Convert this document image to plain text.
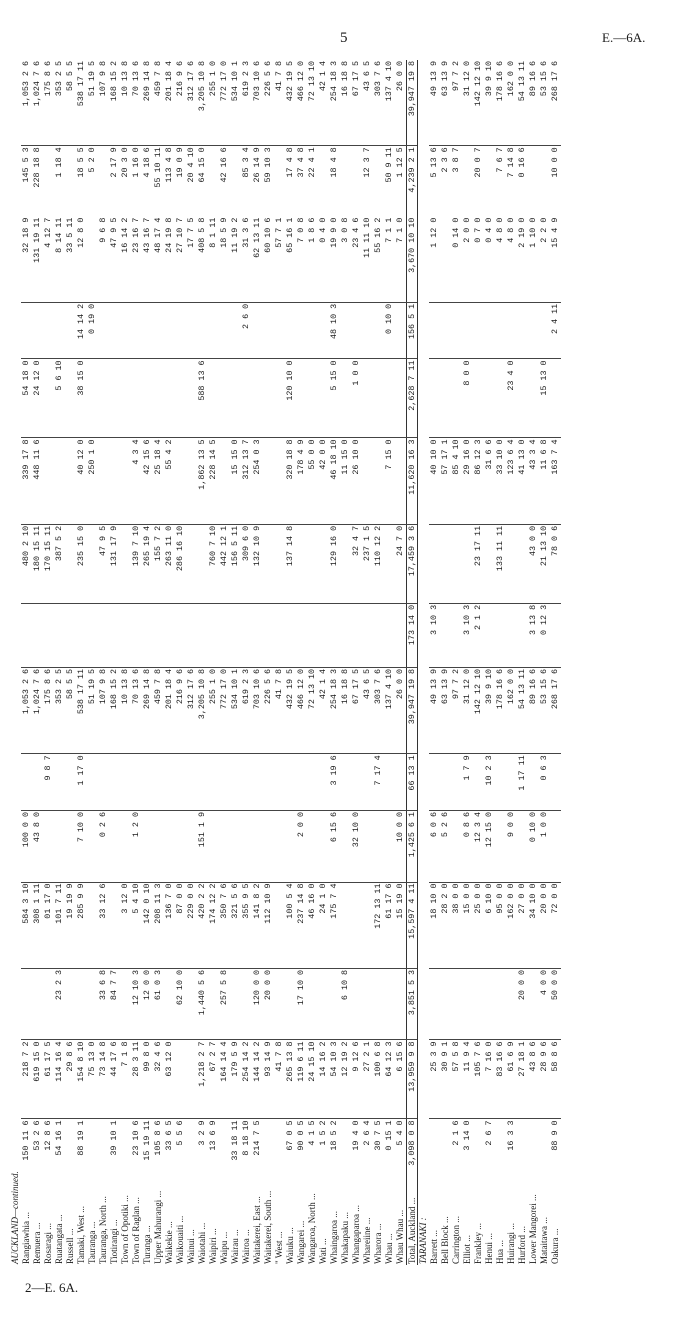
5	E.—6A.
AUCKLAND—continued.															
Rangiawhia ...	150 11 6	218 7 2		584 3 10	100 0 0		1,053 2 6		480 2 10	339 17 8	54 18 0		32 18 9	145 5 3	1,053 2 6
Remuera ...	53 2 6	619 15 0		308 1 11	43 8 0		1,024 7 6		180 15 11	448 11 6	24 12 0		131 19 11	228 18 8	1,024 7 6
Rosaragi ...	12 8 6	61 17 5		01 17 0		9 8 7	175 8 6		170 15 11				4 12 7		175 8 6
Ruatangata ...	54 16 1	114 16 4	23 2 3	101 7 11			353 2 5		387 5 2		5 6 10		8 14 11	1 18 4	353 2 5
Russell ...		29 8 6		19 19 9			58 5 5						33 5 11		58 5 5
Tamaki, West ...	88 19 1	154 8 10		285 9 9	7 10 0	1 17 0	538 17 11		235 15 0	40 12 0	38 15 0	14 14 2	12 8 0	18 5 5	538 17 11
Tauranga ...		75 13 0					51 19 5			250 1 0		0 19 0		5 2 0	51 19 5
Tauranga, North ...		73 14 8	33 6 8	33 12 6	0 2 6		107 9 8		47 9 5				9 6 8		107 9 8
Tiotirangi ...	39 10 1	44 17 6	84 7 7				168 15 2		131 17 9				47 9 5	2 17 9	168 15 2
Town of Opotiki ...		7 1 8		3 12 0			10 13 8						16 14 2	20 3 0	10 13 8
Town of Raglan ...	23 10 6	28 3 11	12 10 3	5 4 10	1 2 0		70 13 6		139 7 10	4 3 4			23 16 7	1 16 0	70 13 6
Turanga ...	15 19 11	99 8 0	12 0 0	142 0 10			269 14 8		265 19 4	42 15 6			43 16 7	4 18 6	269 14 8
Upper Mahurangi ...	105 8 6	32 4 6	61 0 3	208 11 3			459 7 8		155 7 2	25 18 4			48 17 4	55 10 11	459 7 8
Waikekie ...	33 6 5	63 12 0		136 7 0			201 18 4		263 11 0	55 4 2			24 19 8	113 4 8	201 18 4
Waikouaiti ...	5 5 6		62 10 0	87 0 0			216 9 6		286 16 10				27 10 7	19 0 9	216 9 6
Wainui ...				229 0 0			312 17 6						17 7 5	20 4 10	312 17 6
Waiotahi ...	3 2 9	1,218 2 7	1,440 5 6	420 2 2	151 1 9		3,205 10 8			1,862 13 5	588 13 6		408 5 8	64 15 0	3,205 10 8
Waipiri ...	13 6 9	67 2 7		174 12 2			255 1 0		760 7 10	228 14 5			8 1 11		255 1 0
Waipu ...		164 14 4	257 5 8	350 7 6			772 17 0		442 12 1				18 5 9	42 16 6	772 17 0
Wairau ...	33 18 11	179 5 9		321 5 6			534 10 1		156 5 11	15 15 0			11 19 2		534 10 1
Wairoa ...	8 18 10	254 14 2		355 9 5			619 2 3		309 6 0	312 13 7		2 6 0	31 3 6	85 3 4	619 2 3
Waitakerei, East ...	214 7 5	144 14 2	120 0 0	141 8 2			703 10 6		132 10 9	254 0 3			62 13 11	26 14 9	703 10 6
Waitakerei, South ...		93 14 9	20 0 0	112 10 9			226 5 6						60 10 6	59 10 3	226 5 6
" West ...		41 7 8					41 7 8						57 7 1		41 7 8
Waiuku ...	67 0 5	265 13 8		100 5 4			432 19 5		137 14 8	320 18 8	120 10 0		65 16 1	17 4 8	432 19 5
Wangarei ...	90 0 5	119 6 11	17 10 0	237 14 8	2 0 0		466 12 0			178 4 9			7 0 8	37 4 8	466 12 0
Wangaroa, North ...	4 1 5	24 15 10		46 16 0			72 13 10			55 0 0			1 8 6	22 4 1	72 13 10
Wati ...	1 5 2	14 16 2		24 1 0			42 1 4			42 0 0			0 4 0		42 1 4
Whaingaroa ...	18 5 2	54 10 3		175 7 4	6 15 6	3 19 6	254 18 3		129 16 0	46 18 10	5 15 0	48 10 3	19 9 0	18 4 8	254 18 3
Whakapaku ...		12 19 2	6 10 8				16 18 8			11 15 0			3 0 8		16 18 8
Whangaparoa ...	19 4 0	9 12 6			32 10 0		67 17 5		32 4 7	26 10 0	1 0 0		23 4 6		67 17 5
Whareiine ...	2 6 4	27 2 1					43 6 5		237 1 5				11 11 10	12 3 7	43 6 5
Wharora ...	30 7 5	100 6 8		172 13 11		7 17 4	303 7 6		110 12 2				55 16 2		303 7 6
Whau ...	0 15 1	64 12 3		61 17 6			137 4 10			7 15 0		0 10 0	7 1 1	50 9 11	137 4 10
Whau Whau ...	5 4 0	6 15 6		15 19 0	10 0 0		26 0 0		24 7 0				7 1 0	1 12 5	26 0 0
Total, Auckland ...	3,098 0 8	13,959 9 8	3,851 5 3	15,597 4 11	1,425 6 1	66 13 1	39,947 19 8	173 14 0	17,459 3 6	11,620 16 3	2,628 7 11	156 5 1	3,670 10 10	4,239 2 1	39,947 19 8
TARANAKI :															
Barrett ...		25 3 9		18 10 0	6 0 6		49 13 9	3 10 3		40 10 0			1 12 0	5 13 6	49 13 9
Bell Block ...		30 9 1		28 2 0	5 2 6		63 13 9			57 17 1				2 3 6	63 13 9
Carrington ...	2 1 6	57 5 8		38 0 0			97 7 2			85 4 10			0 14 0	3 8 7	97 7 2
Elliot ...	3 14 0	11 9 4		15 0 0	0 8 6	1 7 9	31 12 0	3 10 3		29 16 0	8 0 0		2 0 0		31 12 0
Frankley ...		105 7 6		25 0 0	12 3 4		142 12 10	2 1 2	23 17 11	86 12 3			0 7 0	20 0 7	142 12 10
Henui ...	2 6 7	7 16 0		6 10 0	12 15 0	10 2 3	39 9 10			31 6 6			0 4 0		39 9 10
Hua ...		83 16 6		95 0 0			178 16 6		133 11 11	33 10 0			4 8 0	7 6 7	178 16 6
Huirangi ...	16 3 3	61 6 9		162 0 0	9 0 0		162 0 0			123 6 4	23 4 0		4 8 0	7 14 8	162 0 0
Hurford ...		27 18 1	20 0 0	27 0 0		1 17 11	54 13 11			41 13 0			2 19 0	0 16 6	54 13 11
Lower Mangorei ...		43 8 6		34 10 0	0 10 0		89 16 6	3 13 8	43 0 0	43 3 4			1 10 0		89 16 6
Mataitawa ...		28 9 6	4 0 0	20 0 0	1 0 0	0 6 3	53 15 6	0 12 3	21 13 10	11 6 8	15 13 0		2 2 0		53 15 6
Oakura ...	88 9 0	58 8 6	50 0 0	72 0 0			268 17 6		78 0 6	163 7 4		2 4 11	15 4 9	10 0 0	268 17 6
2—E. 6A.
